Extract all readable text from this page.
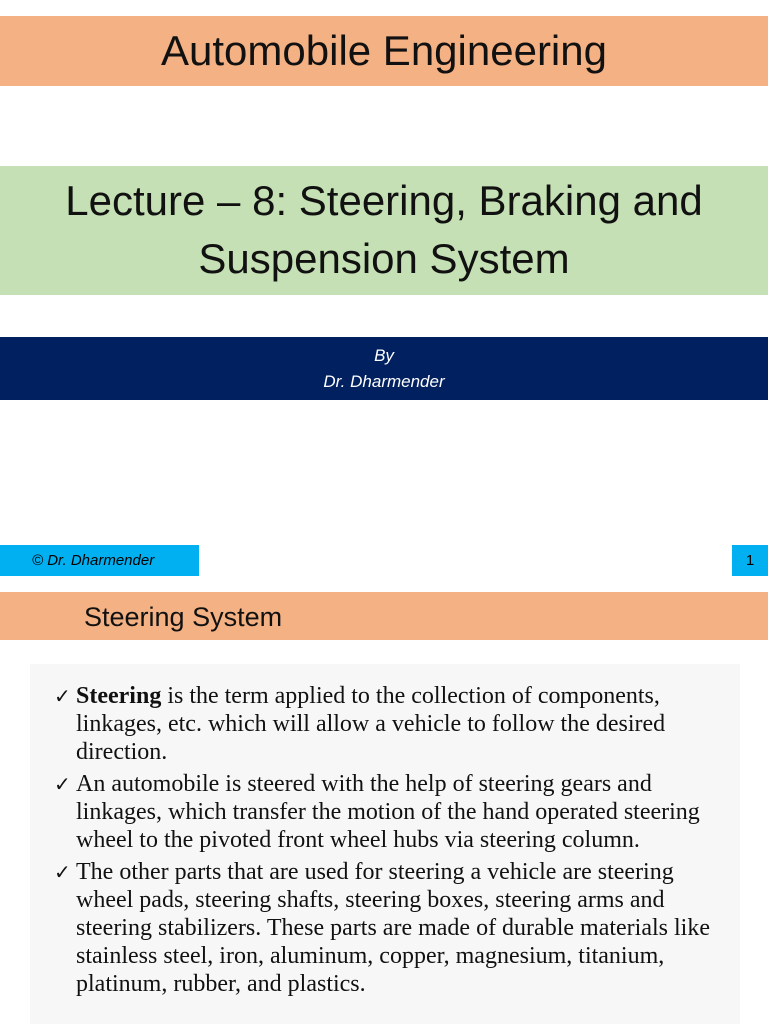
Automobile Engineering
Lecture – 8: Steering, Braking and
Suspension System
By
Dr. Dharmender
© Dr. Dharmender	1
Steering System
✓ Steering is the term applied to the collection of components, linkages, etc. which will allow a vehicle to follow the desired direction.
✓ An automobile is steered with the help of steering gears and linkages, which transfer the motion of the hand operated steering wheel to the pivoted front wheel hubs via steering column.
✓ The other parts that are used for steering a vehicle are steering wheel pads, steering shafts, steering boxes, steering arms and steering stabilizers. These parts are made of durable materials like stainless steel, iron, aluminum, copper, magnesium, titanium, platinum, rubber, and plastics.
